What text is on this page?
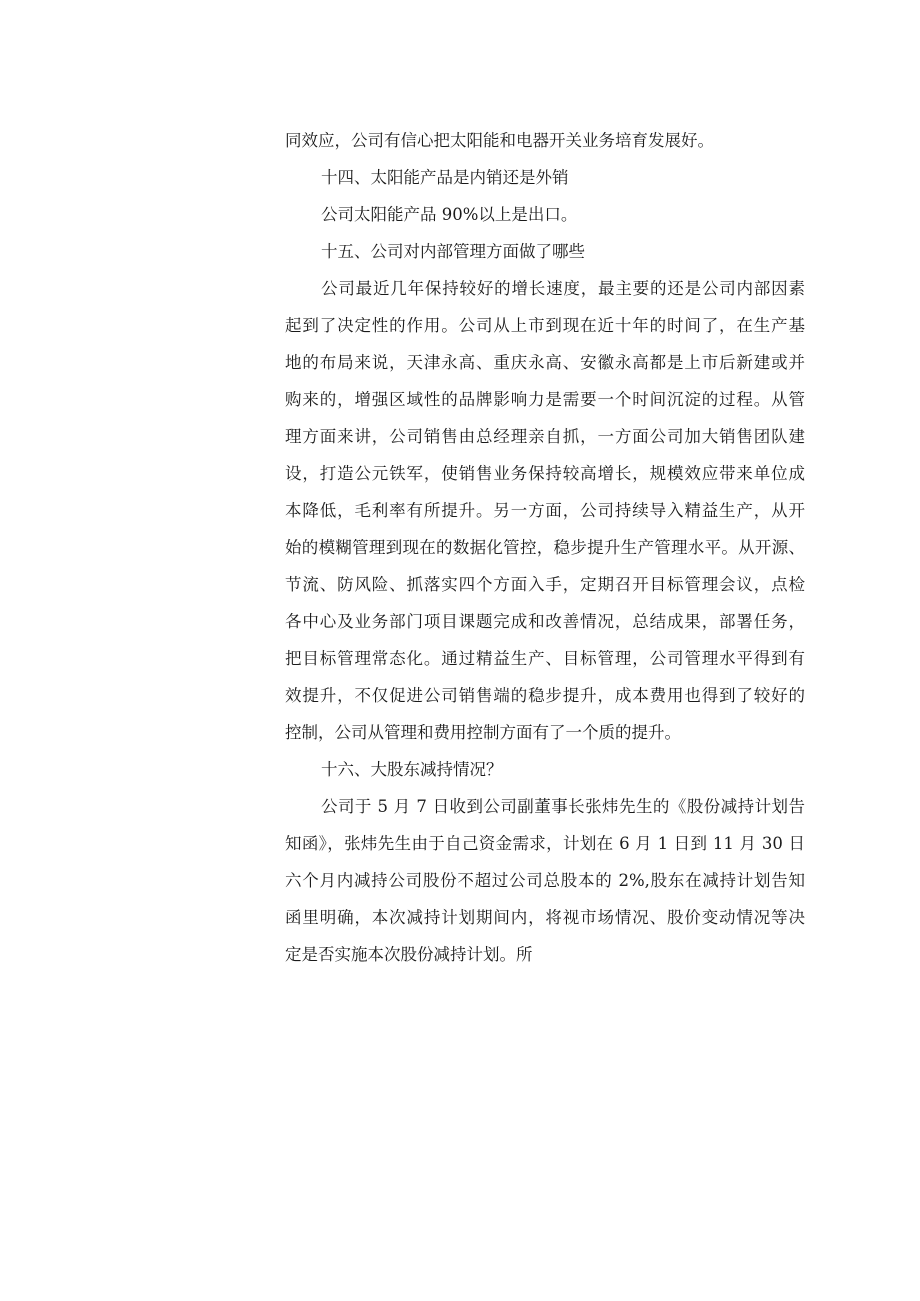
同效应，公司有信心把太阳能和电器开关业务培育发展好。
十四、太阳能产品是内销还是外销
公司太阳能产品 90%以上是出口。
十五、公司对内部管理方面做了哪些
公司最近几年保持较好的增长速度，最主要的还是公司内部因素
起到了决定性的作用。公司从上市到现在近十年的时间了，在生产基
地的布局来说，天津永高、重庆永高、安徽永高都是上市后新建或并
购来的，增强区域性的品牌影响力是需要一个时间沉淀的过程。从管
理方面来讲，公司销售由总经理亲自抓，一方面公司加大销售团队建
设，打造公元铁军，使销售业务保持较高增长，规模效应带来单位成
本降低，毛利率有所提升。另一方面，公司持续导入精益生产，从开
始的模糊管理到现在的数据化管控，稳步提升生产管理水平。从开源、
节流、防风险、抓落实四个方面入手，定期召开目标管理会议，点检
各中心及业务部门项目课题完成和改善情况，总结成果，部署任务，
把目标管理常态化。通过精益生产、目标管理，公司管理水平得到有
效提升，不仅促进公司销售端的稳步提升，成本费用也得到了较好的
控制，公司从管理和费用控制方面有了一个质的提升。
十六、大股东减持情况？
公司于 5 月 7 日收到公司副董事长张炜先生的《股份减持计划告
知函》，张炜先生由于自己资金需求，计划在 6 月 1 日到 11 月 30 日
六个月内减持公司股份不超过公司总股本的 2%,股东在减持计划告知
函里明确，本次减持计划期间内，将视市场情况、股价变动情况等决
定是否实施本次股份减持计划。所
